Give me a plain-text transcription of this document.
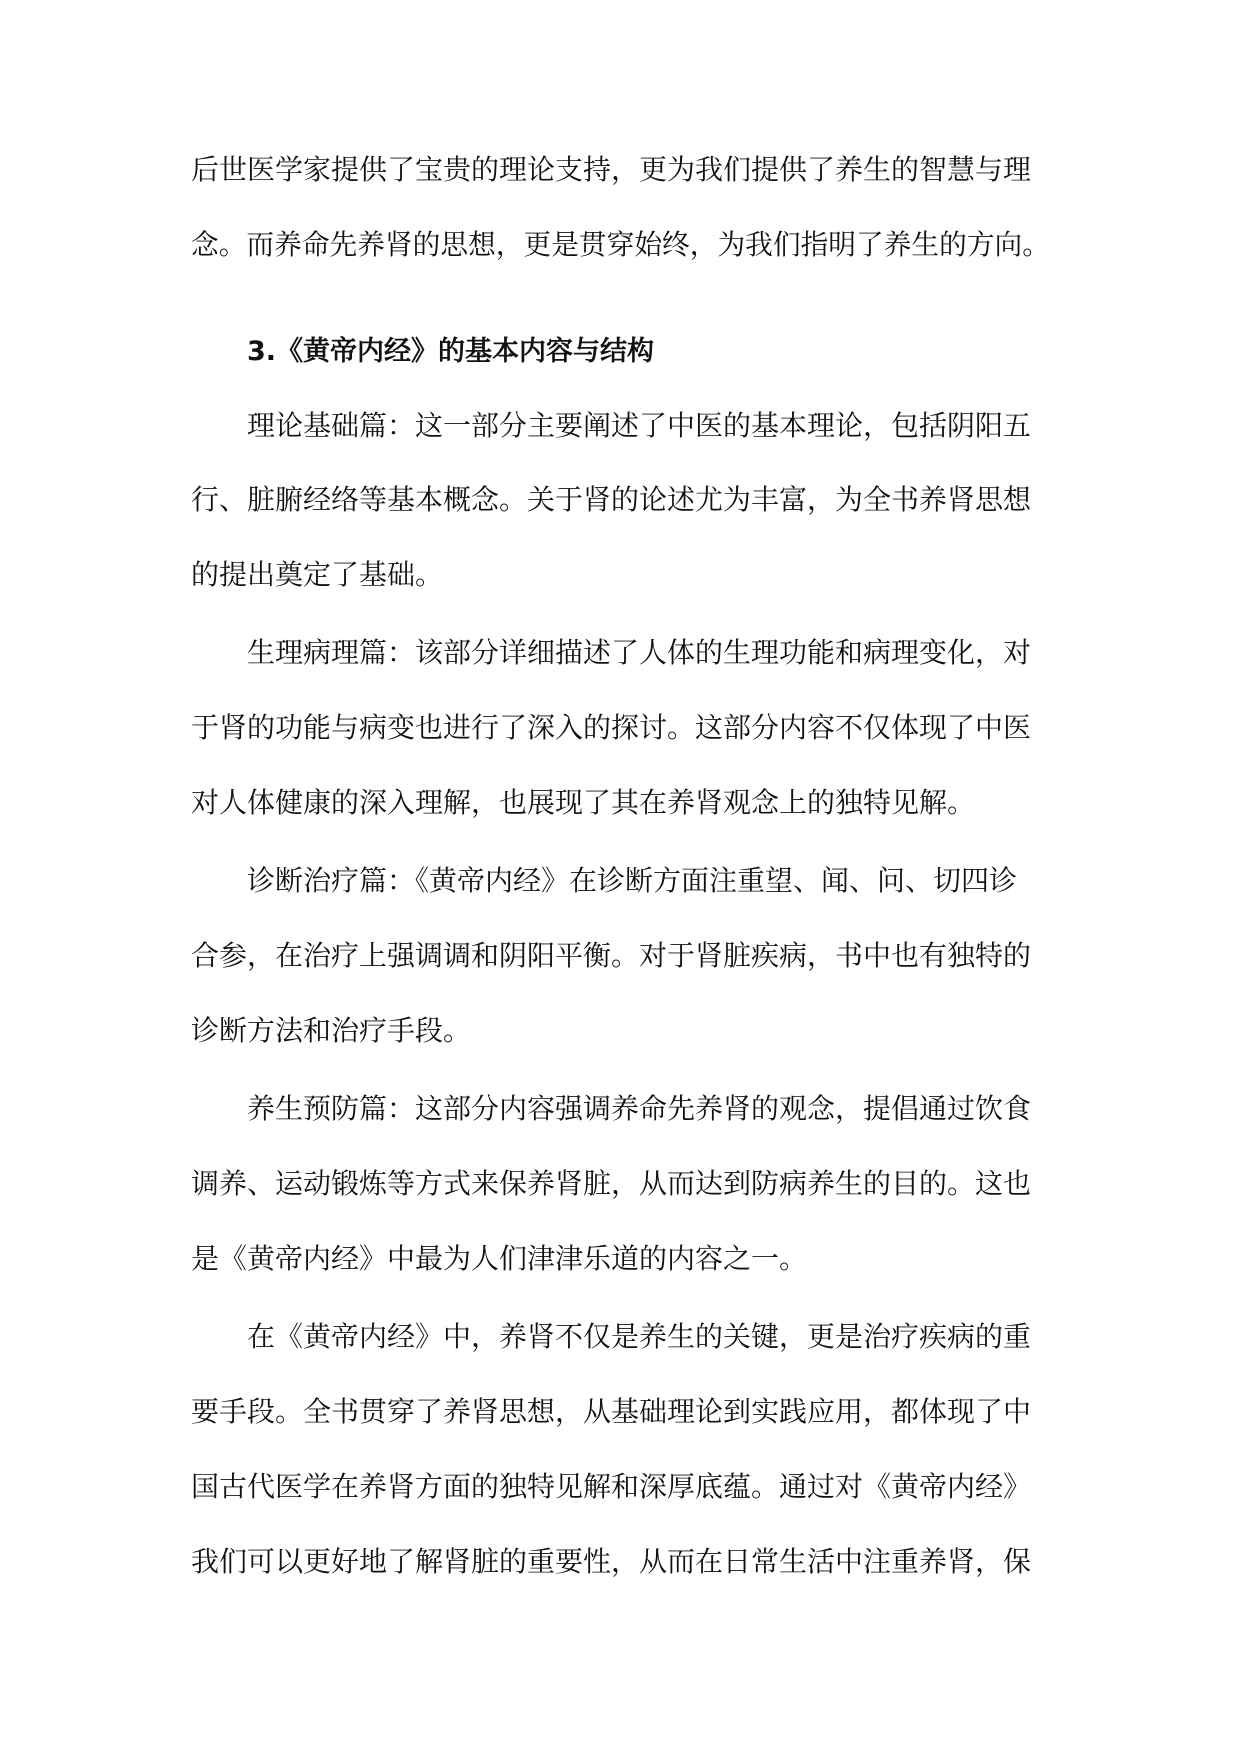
后世医学家提供了宝贵的理论支持，更为我们提供了养生的智慧与理

念。而养命先养肾的思想，更是贯穿始终，为我们指明了养生的方向。

3.《黄帝内经》的基本内容与结构

理论基础篇：这一部分主要阐述了中医的基本理论，包括阴阳五

行、脏腑经络等基本概念。关于肾的论述尤为丰富，为全书养肾思想

的提出奠定了基础。

生理病理篇：该部分详细描述了人体的生理功能和病理变化，对

于肾的功能与病变也进行了深入的探讨。这部分内容不仅体现了中医

对人体健康的深入理解，也展现了其在养肾观念上的独特见解。

诊断治疗篇：《黄帝内经》在诊断方面注重望、闻、问、切四诊

合参，在治疗上强调调和阴阳平衡。对于肾脏疾病，书中也有独特的

诊断方法和治疗手段。

养生预防篇：这部分内容强调养命先养肾的观念，提倡通过饮食

调养、运动锻炼等方式来保养肾脏，从而达到防病养生的目的。这也

是《黄帝内经》中最为人们津津乐道的内容之一。

在《黄帝内经》中，养肾不仅是养生的关键，更是治疗疾病的重

要手段。全书贯穿了养肾思想，从基础理论到实践应用，都体现了中

国古代医学在养肾方面的独特见解和深厚底蕴。通过对《黄帝内经》

我们可以更好地了解肾脏的重要性，从而在日常生活中注重养肾，保
